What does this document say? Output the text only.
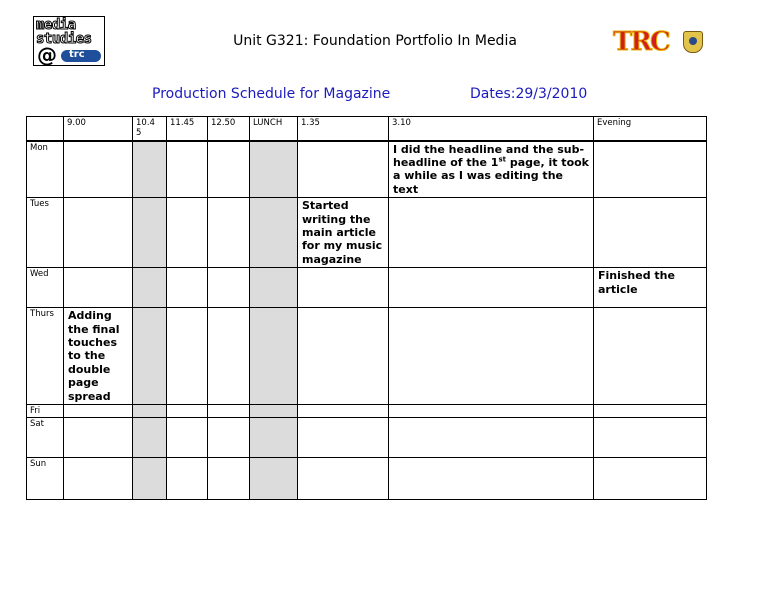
media
studies
@ trc
Unit G321: Foundation Portfolio In Media	TRC
Production Schedule for Magazine	Dates:29/3/2010
	9.00	10.4 5	11.45	12.50	LUNCH	1.35	3.10	Evening
Mon							I did the headline and the sub-headline of the 1st page, it took a while as I was editing the text	
Tues						Started writing the main article for my music magazine		
Wed								Finished the article
Thurs	Adding the final touches to the double page spread							
Fri								
Sat								
Sun								
